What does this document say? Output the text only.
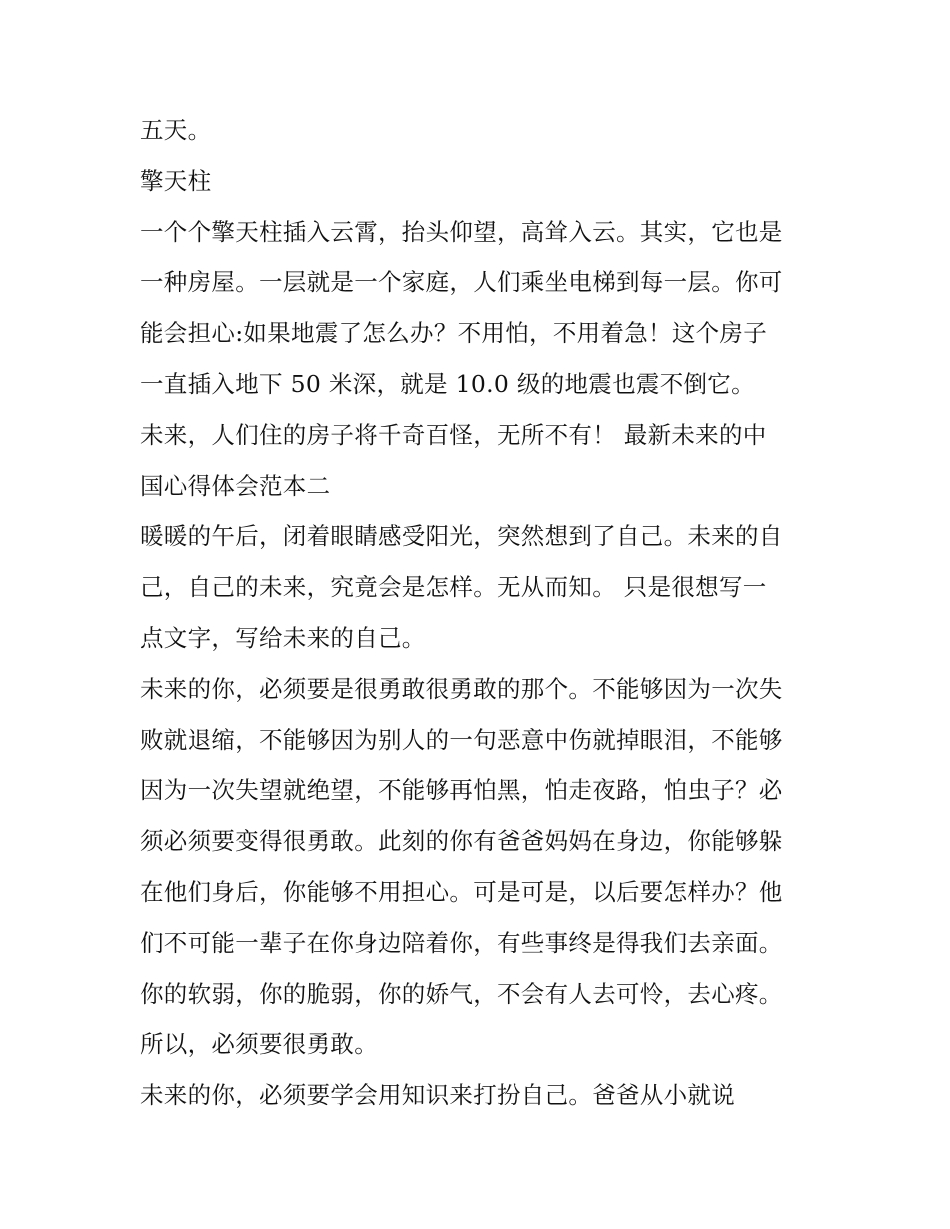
五天。
擎天柱
一个个擎天柱插入云霄，抬头仰望，高耸入云。其实，它也是
一种房屋。一层就是一个家庭，人们乘坐电梯到每一层。你可
能会担心:如果地震了怎么办？不用怕，不用着急！这个房子
一直插入地下 50 米深，就是 10.0 级的地震也震不倒它。
未来，人们住的房子将千奇百怪，无所不有！ 最新未来的中
国心得体会范本二
暖暖的午后，闭着眼睛感受阳光，突然想到了自己。未来的自
己，自己的未来，究竟会是怎样。无从而知。 只是很想写一
点文字，写给未来的自己。
未来的你，必须要是很勇敢很勇敢的那个。不能够因为一次失
败就退缩，不能够因为别人的一句恶意中伤就掉眼泪，不能够
因为一次失望就绝望，不能够再怕黑，怕走夜路，怕虫子？必
须必须要变得很勇敢。此刻的你有爸爸妈妈在身边，你能够躲
在他们身后，你能够不用担心。可是可是，以后要怎样办？他
们不可能一辈子在你身边陪着你，有些事终是得我们去亲面。
你的软弱，你的脆弱，你的娇气，不会有人去可怜，去心疼。
所以，必须要很勇敢。
未来的你，必须要学会用知识来打扮自己。爸爸从小就说
